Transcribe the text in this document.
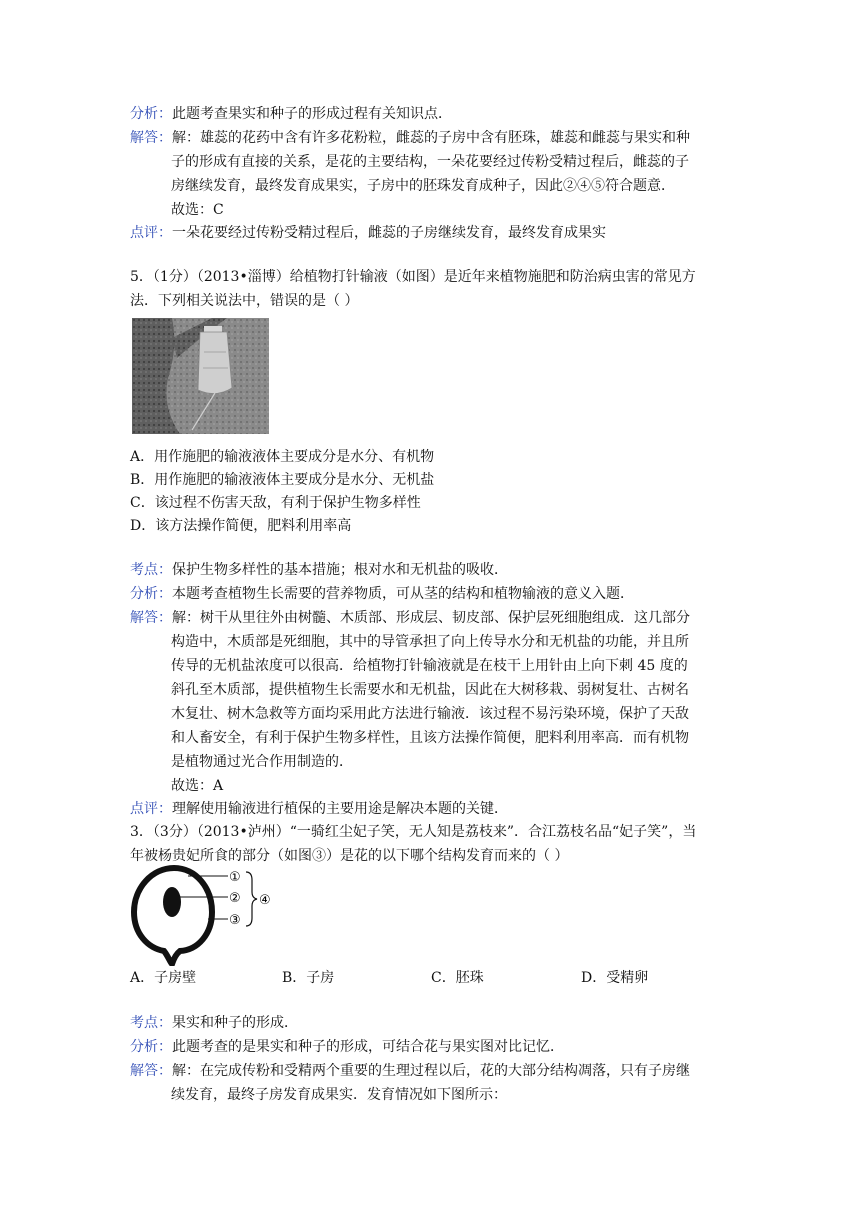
分析：此题考查果实和种子的形成过程有关知识点．
解答：解：雄蕊的花药中含有许多花粉粒，雌蕊的子房中含有胚珠，雄蕊和雌蕊与果实和种
子的形成有直接的关系，是花的主要结构，一朵花要经过传粉受精过程后，雌蕊的子
房继续发育，最终发育成果实，子房中的胚珠发育成种子，因此②④⑤符合题意．
故选：C
点评：一朵花要经过传粉受精过程后，雌蕊的子房继续发育，最终发育成果实
5．（1分）（2013•淄博）给植物打针输液（如图）是近年来植物施肥和防治病虫害的常见方
法．下列相关说法中，错误的是（ ）
A．用作施肥的输液液体主要成分是水分、有机物
B．用作施肥的输液液体主要成分是水分、无机盐
C．该过程不伤害天敌，有利于保护生物多样性
D．该方法操作简便，肥料利用率高
考点：保护生物多样性的基本措施；根对水和无机盐的吸收．
分析：本题考查植物生长需要的营养物质，可从茎的结构和植物输液的意义入题．
解答：解：树干从里往外由树髓、木质部、形成层、韧皮部、保护层死细胞组成．这几部分
构造中，木质部是死细胞，其中的导管承担了向上传导水分和无机盐的功能，并且所
传导的无机盐浓度可以很高．给植物打针输液就是在枝干上用针由上向下刺 45 度的
斜孔至木质部，提供植物生长需要水和无机盐，因此在大树移栽、弱树复壮、古树名
木复壮、树木急救等方面均采用此方法进行输液．该过程不易污染环境，保护了天敌
和人畜安全，有利于保护生物多样性，且该方法操作简便，肥料利用率高．而有机物
是植物通过光合作用制造的．
故选：A
点评：理解使用输液进行植保的主要用途是解决本题的关键．
3．（3分）（2013•泸州）“一骑红尘妃子笑，无人知是荔枝来”．合江荔枝名品“妃子笑”，当
年被杨贵妃所食的部分（如图③）是花的以下哪个结构发育而来的（ ）
①
②
③
④
A．子房壁	B．子房	C．胚珠	D．受精卵
考点：果实和种子的形成．
分析：此题考查的是果实和种子的形成，可结合花与果实图对比记忆．
解答：解：在完成传粉和受精两个重要的生理过程以后，花的大部分结构凋落，只有子房继
续发育，最终子房发育成果实．发育情况如下图所示：
